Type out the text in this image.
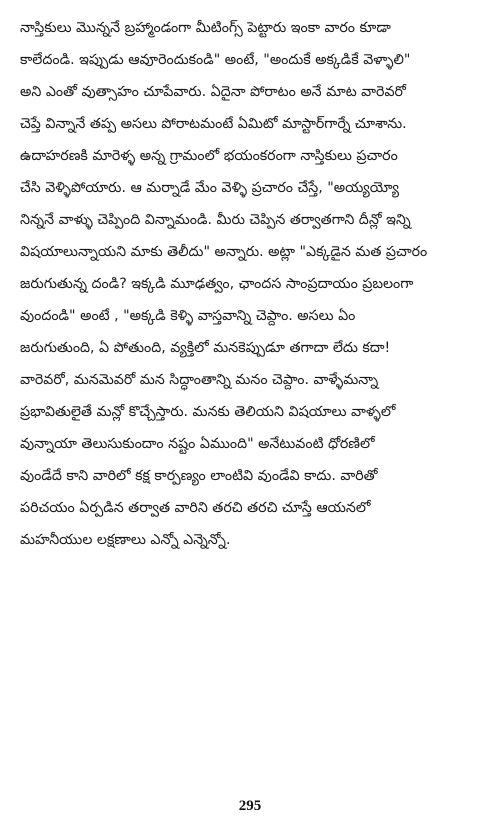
నాస్తికులు మొన్ననే బ్రహ్మాండంగా మీటింగ్స్ పెట్టారు ఇంకా వారం కూడా
కాలేదండి. ఇప్పుడు ఆవూరెందుకండి" అంటే, "అందుకే అక్కడికే వెళ్ళాలి"
అని ఎంతో వుత్సాహం చూపేవారు. ఏదైనా పోరాటం అనే మాట వారెవరో
చెప్తే విన్నానే తప్ప అసలు పోరాటమంటే ఏమిటో మాస్టార్‌గార్నే చూశాను.
ఉదాహరణకి మారెళ్ళ అన్న గ్రామంలో భయంకరంగా నాస్తికులు ప్రచారం
చేసి వెళ్ళిపోయారు. ఆ మర్నాడే మేం వెళ్ళి ప్రచారం చేస్తే, "అయ్యయ్యో
నిన్ననే వాళ్ళు చెప్పింది విన్నామండి. మీరు చెప్పిన తర్వాతగాని దీన్లో ఇన్ని
విషయాలున్నాయని మాకు తెలీదు" అన్నారు. అట్లా "ఎక్కడైన మత ప్రచారం
జరుగుతున్న దండి? ఇక్కడి మూఢత్వం, ఛాందస సాంప్రదాయం ప్రబలంగా
వుందండి" అంటే , "అక్కడి కెళ్ళి వాస్తవాన్ని చెప్దాం. అసలు ఏం
జరుగుతుంది, ఏ పోతుంది, వ్యక్తిలో మనకెప్పుడూ తగాదా లేదు కదా!
వారెవరో, మనమెవరో మన సిద్ధాంతాన్ని మనం చెప్దాం. వాళ్ళేమన్నా
ప్రభావితులైతే మన్లో కొచ్చేస్తారు. మనకు తెలియని విషయాలు వాళ్ళలో
వున్నాయా తెలుసుకుందాం నష్టం ఏముంది" అనేటువంటి ధోరణిలో
వుండేదే కాని వారిలో కక్ష కార్పణ్యం లాంటివి వుండేవి కాదు. వారితో
పరిచయం ఏర్పడిన తర్వాత వారిని తరచి తరచి చూస్తే ఆయనలో
మహనీయుల లక్షణాలు ఎన్నో ఎన్నెన్నో.
295
